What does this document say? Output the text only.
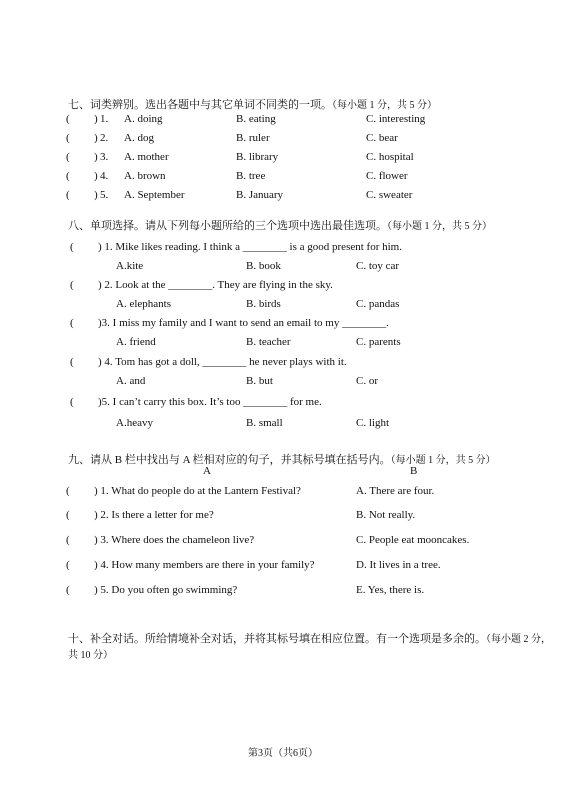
七、词类辨别。选出各题中与其它单词不同类的一项。（每小题 1 分，共 5 分）
( ) 1. A. doing	B. eating	C. interesting
( ) 2. A. dog	B. ruler	C. bear
( ) 3. A. mother	B. library	C. hospital
( ) 4. A. brown	B. tree	C. flower
( ) 5. A. September	B. January	C. sweater
八、单项选择。请从下列每小题所给的三个选项中选出最佳选项。（每小题 1 分，共 5 分）
( ) 1. Mike likes reading. I think a ________ is a good present for him.
A.kite	B. book	C. toy car
( ) 2. Look at the ________. They are flying in the sky.
A. elephants	B. birds	C. pandas
( )3. I miss my family and I want to send an email to my ________.
A. friend	B. teacher	C. parents
( ) 4. Tom has got a doll, ________ he never plays with it.
A. and	B. but	C. or
( )5. I can’t carry this box. It’s too ________ for me.
A.heavy	B. small	C. light
九、请从 B 栏中找出与 A 栏相对应的句子，并其标号填在括号内。（每小题 1 分，共 5 分）
A	B
( ) 1. What do people do at the Lantern Festival?	A. There are four.
( ) 2. Is there a letter for me?	B. Not really.
( ) 3. Where does the chameleon live?	C. People eat mooncakes.
( ) 4. How many members are there in your family?	D. It lives in a tree.
( ) 5. Do you often go swimming?	E. Yes, there is.
十、补全对话。所给情境补全对话，并将其标号填在相应位置。有一个选项是多余的。（每小题 2 分，
共 10 分）
第3页（共6页）
